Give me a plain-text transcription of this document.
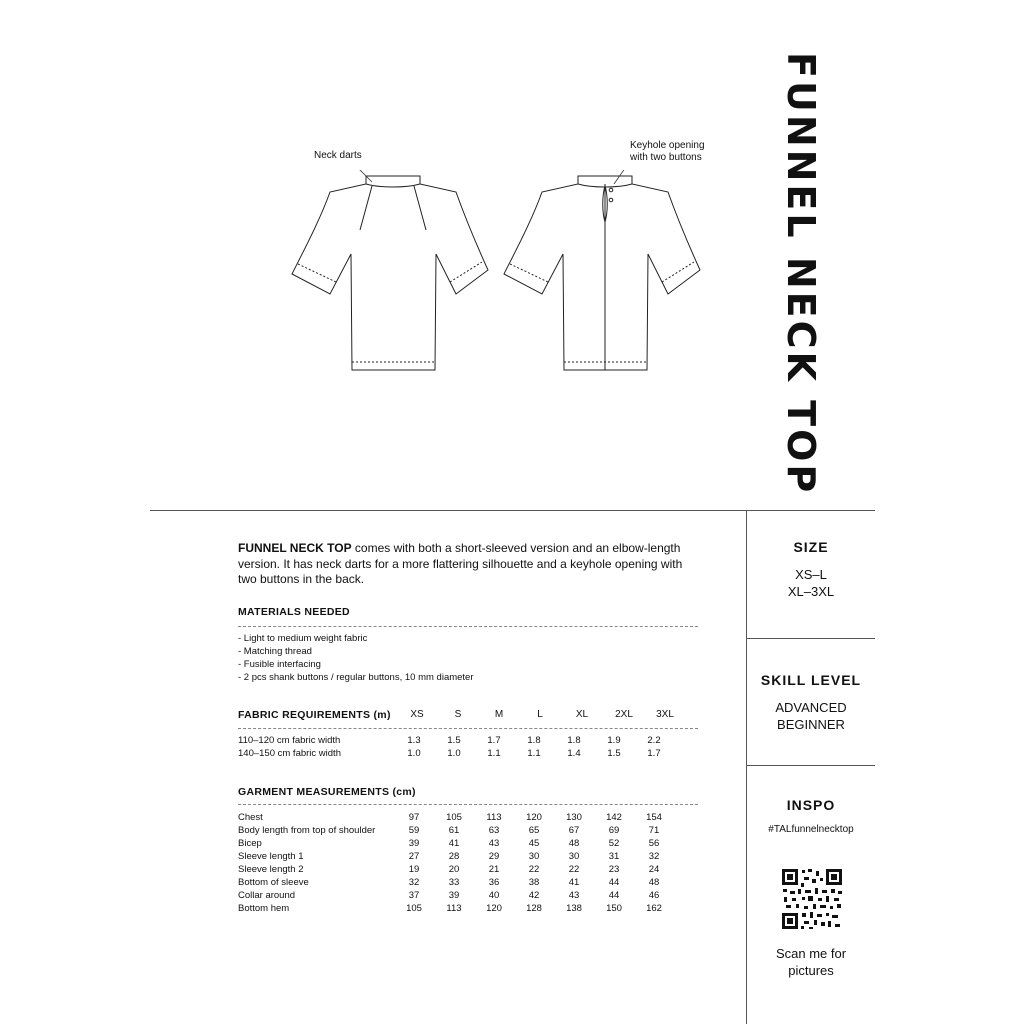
FUNNEL NECK TOP
Neck darts
Keyhole opening
with two buttons
FUNNEL NECK TOP comes with both a short-sleeved version and an elbow-length version. It has neck darts for a more flattering silhouette and a keyhole opening with two buttons in the back.
MATERIALS NEEDED
- Light to medium weight fabric
- Matching thread
- Fusible interfacing
- 2 pcs shank buttons / regular buttons, 10 mm diameter
FABRIC REQUIREMENTS (m)	XS	S	M	L	XL	2XL	3XL
110–120 cm fabric width	1.3	1.5	1.7	1.8	1.8	1.9	2.2
140–150 cm fabric width	1.0	1.0	1.1	1.1	1.4	1.5	1.7
GARMENT MEASUREMENTS (cm)
Chest	97	105	113	120	130	142	154
Body length from top of shoulder	59	61	63	65	67	69	71
Bicep	39	41	43	45	48	52	56
Sleeve length 1	27	28	29	30	30	31	32
Sleeve length 2	19	20	21	22	22	23	24
Bottom of sleeve	32	33	36	38	41	44	48
Collar around	37	39	40	42	43	44	46
Bottom hem	105	113	120	128	138	150	162
SIZE
XS–L
XL–3XL
SKILL LEVEL
ADVANCED
BEGINNER
INSPO
#TALfunnelnecktop
Scan me for
pictures
